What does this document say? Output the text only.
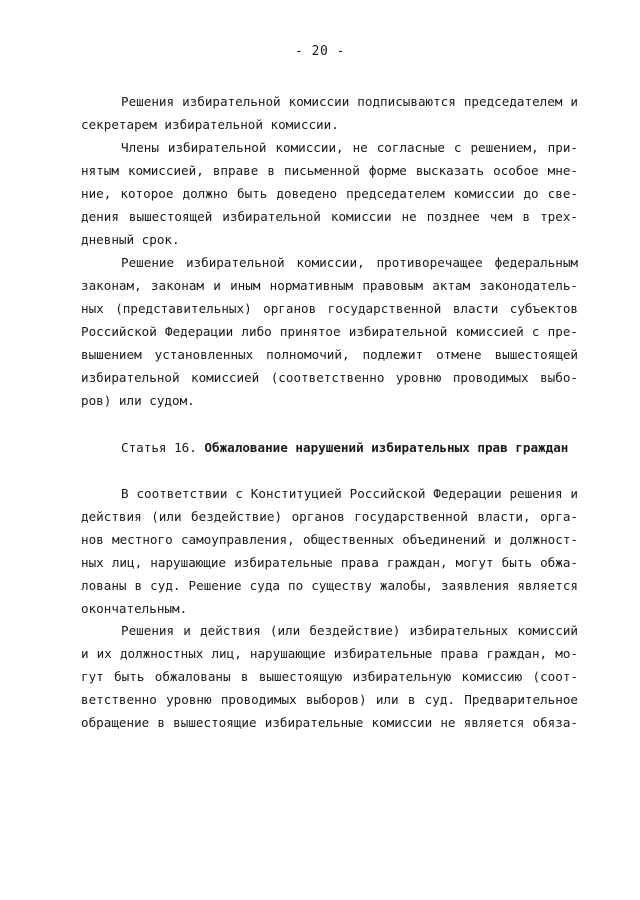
- 20 -
Решения избирательной комиссии подписываются председателем и
секретарем избирательной комиссии.
Члены избирательной комиссии, не согласные с решением, при-
нятым комиссией, вправе в письменной форме высказать особое мне-
ние, которое должно быть доведено председателем комиссии до све-
дения вышестоящей избирательной комиссии не позднее чем в трех-
дневный срок.
Решение избирательной комиссии, противоречащее федеральным
законам, законам и иным нормативным правовым актам законодатель-
ных (представительных) органов государственной власти субъектов
Российской Федерации либо принятое избирательной комиссией с пре-
вышением установленных полномочий, подлежит отмене вышестоящей
избирательной комиссией (соответственно уровню проводимых выбо-
ров) или судом.
Статья 16. Обжалование нарушений избирательных прав граждан
В соответствии с Конституцией Российской Федерации решения и
действия (или бездействие) органов государственной власти, орга-
нов местного самоуправления, общественных объединений и должност-
ных лиц, нарушающие избирательные права граждан, могут быть обжа-
лованы в суд. Решение суда по существу жалобы, заявления является
окончательным.
Решения и действия (или бездействие) избирательных комиссий
и их должностных лиц, нарушающие избирательные права граждан, мо-
гут быть обжалованы в вышестоящую избирательную комиссию (соот-
ветственно уровню проводимых выборов) или в суд. Предварительное
обращение в вышестоящие избирательные комиссии не является обяза-
